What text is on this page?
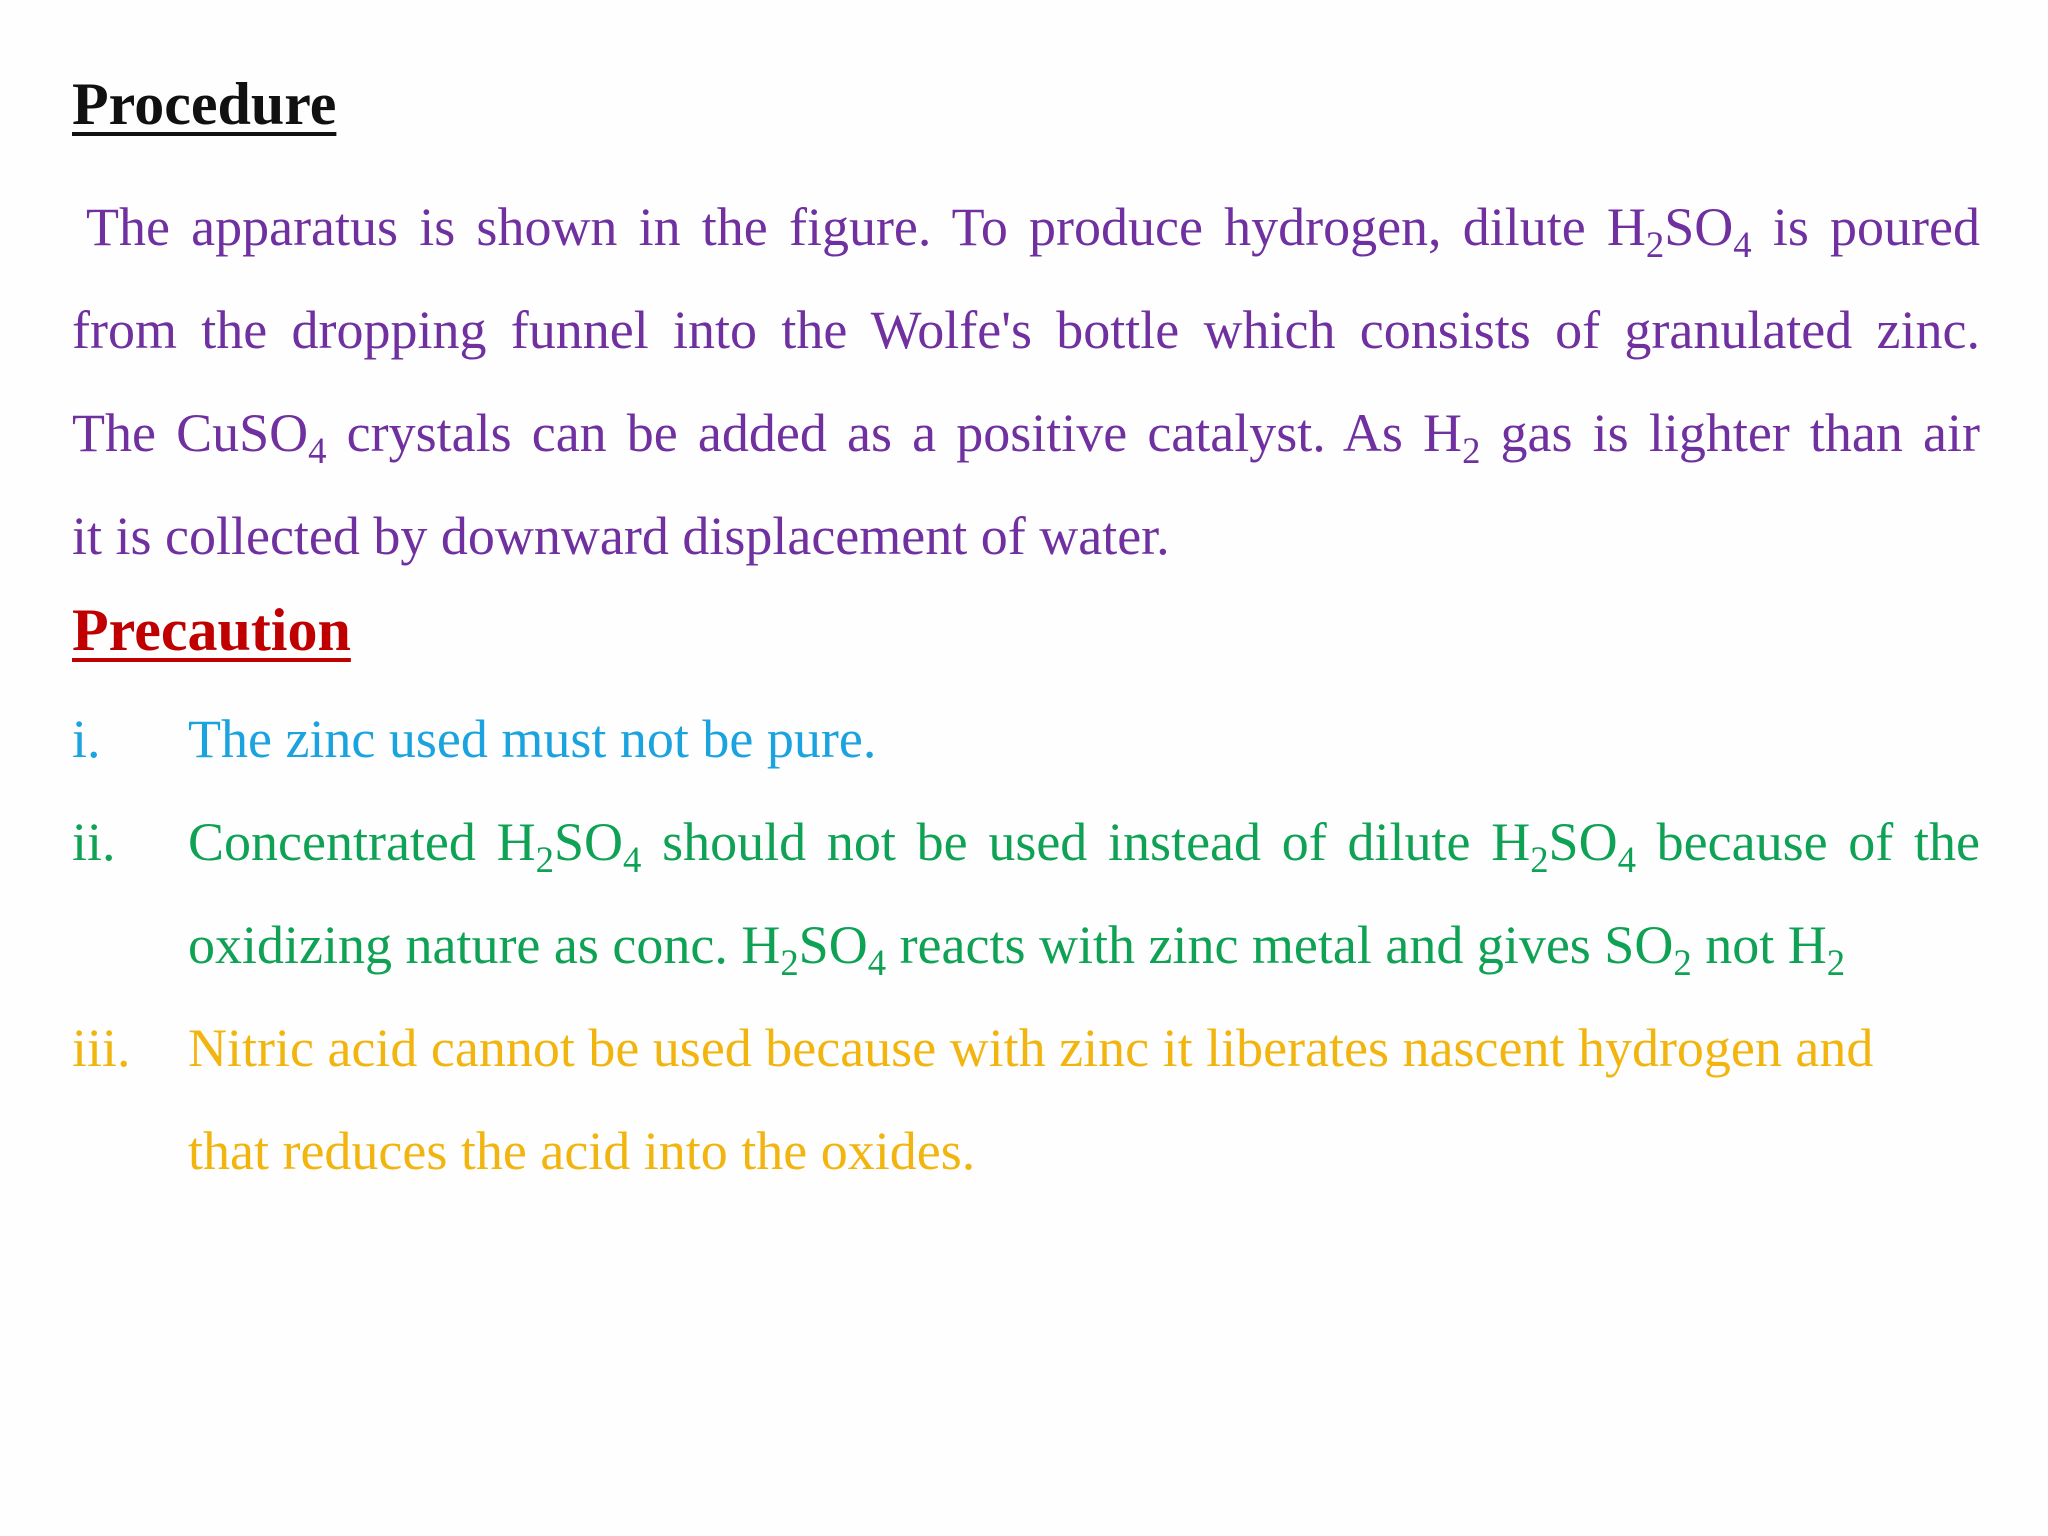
Procedure

The apparatus is shown in the figure. To produce hydrogen, dilute $H_2SO_4$ is poured
from the dropping funnel into the Wolfe's bottle which consists of granulated zinc.
The CuSO$_4$ crystals can be added as a positive catalyst. As $H_2$ gas is lighter than air
it is collected by downward displacement of water.

Precaution
i. The zinc used must not be pure.
ii. Concentrated $H_2SO_4$ should not be used instead of dilute $H_2SO_4$ because of the
oxidizing nature as conc. $H_2SO_4$ reacts with zinc metal and gives $SO_2$ not $H_2$
iii. Nitric acid cannot be used because with zinc it liberates nascent hydrogen and
that reduces the acid into the oxides.
